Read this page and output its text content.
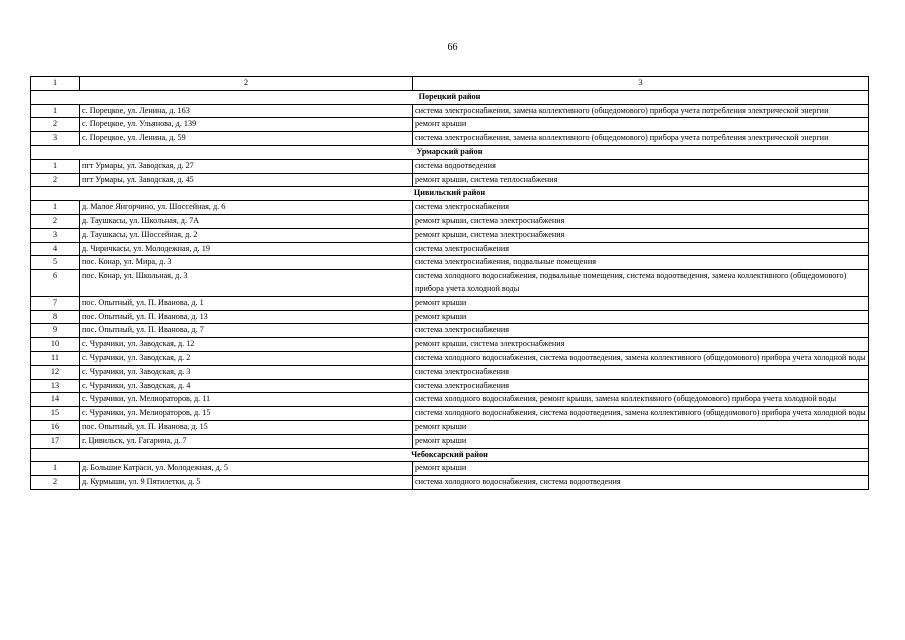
66
1	2	3
Порецкий район		
1	с. Порецкое, ул. Ленина, д. 163	система электроснабжения, замена коллективного (общедомового) прибора учета потребления электрической энергии
2	с. Порецкое, ул. Ульянова, д. 139	ремонт крыши
3	с. Порецкое, ул. Ленина, д. 59	система электроснабжения, замена коллективного (общедомового) прибора учета потребления электрической энергии
Урмарский район		
1	пгт Урмары, ул. Заводская, д. 27	система водоотведения
2	пгт Урмары, ул. Заводская, д. 45	ремонт крыши, система теплоснабжения
Цивильский район		
1	д. Малое Янгорчино, ул. Шоссейная, д. 6	система электроснабжения
2	д. Таушкасы, ул. Школьная, д. 7А	ремонт крыши, система электроснабжения
3	д. Таушкасы, ул. Шоссейная, д. 2	ремонт крыши, система электроснабжения
4	д. Чиричкасы, ул. Молодежная, д. 19	система электроснабжения
5	пос. Конар, ул. Мира, д. 3	система электроснабжения, подвальные помещения
6	пос. Конар, ул. Школьная, д. 3	система холодного водоснабжения, подвальные помещения, система водоотведения, замена коллективного (общедомового) прибора учета холодной воды
7	пос. Опытный, ул. П. Иванова, д. 1	ремонт крыши
8	пос. Опытный, ул. П. Иванова, д. 13	ремонт крыши
9	пос. Опытный, ул. П. Иванова, д. 7	система электроснабжения
10	с. Чурачики, ул. Заводская, д. 12	ремонт крыши, система электроснабжения
11	с. Чурачики, ул. Заводская, д. 2	система холодного водоснабжения, система водоотведения, замена коллективного (общедомового) прибора учета холодной воды
12	с. Чурачики, ул. Заводская, д. 3	система электроснабжения
13	с. Чурачики, ул. Заводская, д. 4	система электроснабжения
14	с. Чурачики, ул. Мелиораторов, д. 11	система холодного водоснабжения, ремонт крыши, замена коллективного (общедомового) прибора учета холодной воды
15	с. Чурачики, ул. Мелиораторов, д. 15	система холодного водоснабжения, система водоотведения, замена коллективного (общедомового) прибора учета холодной воды
16	пос. Опытный, ул. П. Иванова, д. 15	ремонт крыши
17	г. Цивильск, ул. Гагарина, д. 7	ремонт крыши
Чебоксарский район		
1	д. Большие Катраси, ул. Молодежная, д. 5	ремонт крыши
2	д. Курмыши, ул. 9 Пятилетки, д. 5	система холодного водоснабжения, система водоотведения
